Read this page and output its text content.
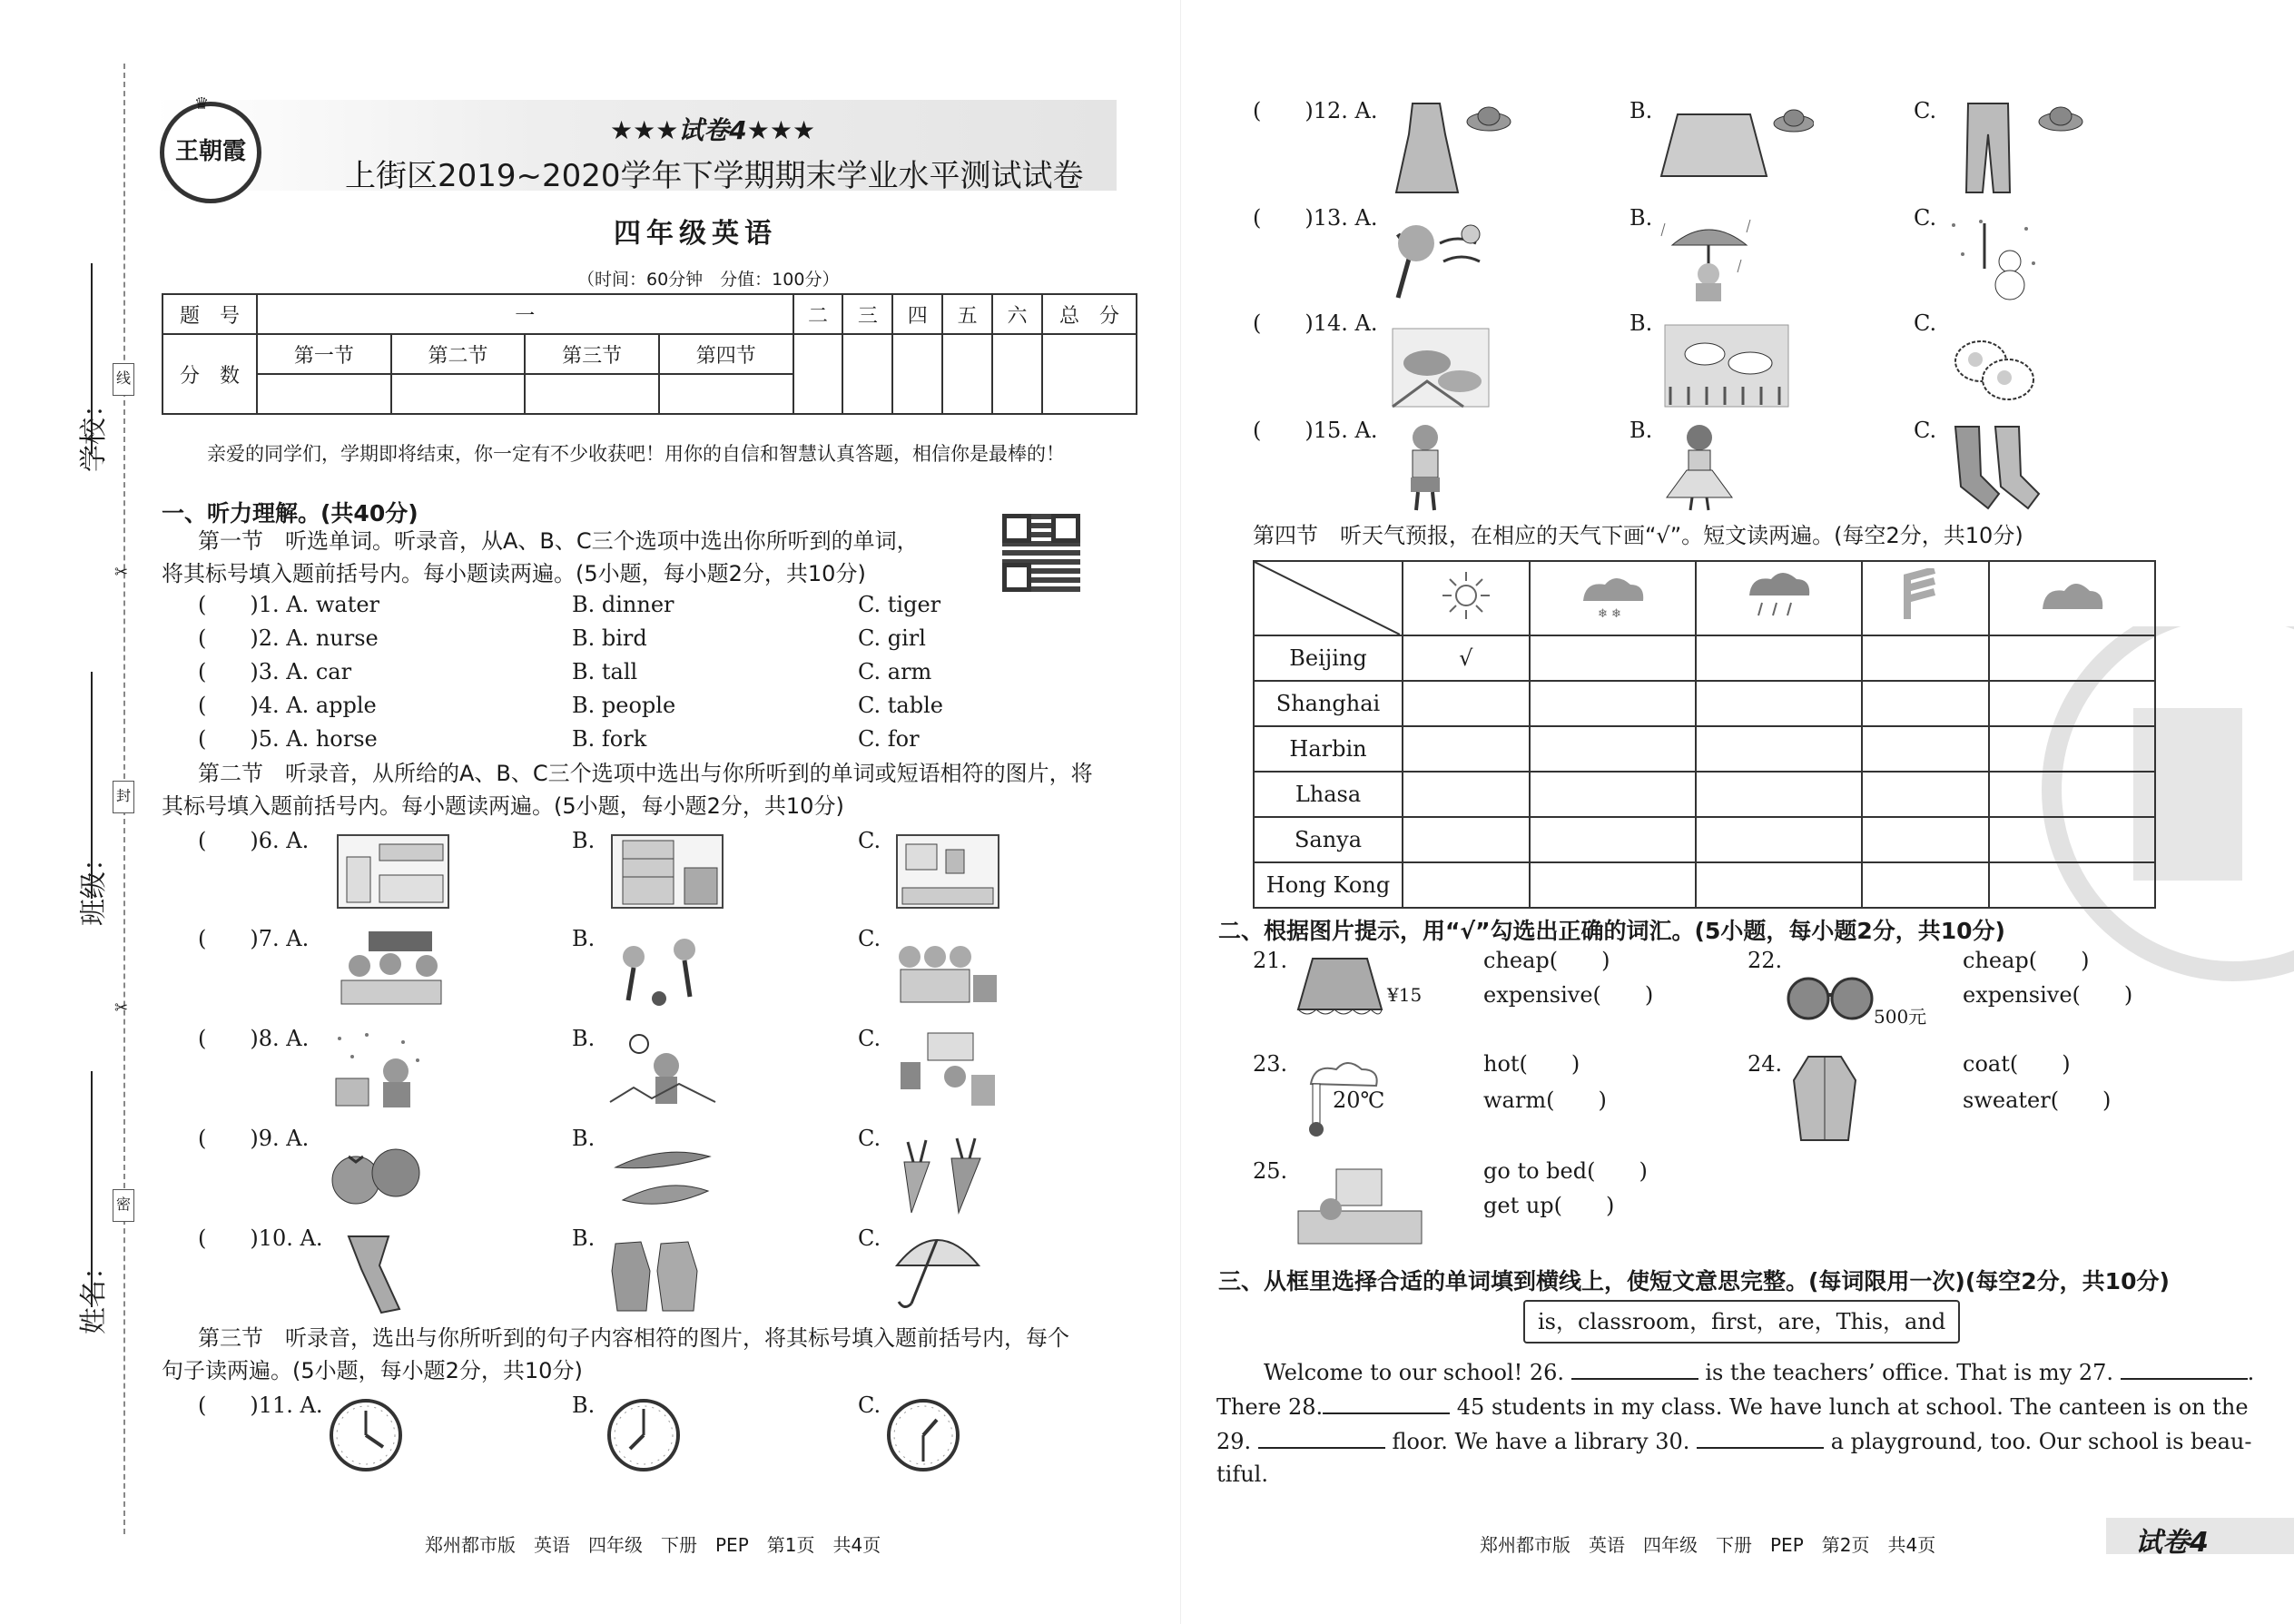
线
封
密
✂
✂
学校：
班级：
姓名：
王朝霞
♛
★★★试卷4★★★
上街区2019~2020学年下学期期末学业水平测试试卷
四年级英语
（时间：60分钟　分值：100分）
题　号	一				二	三	四	五	六	总　分
分　数	第一节	第二节	第三节	第四节						

亲爱的同学们，学期即将结束，你一定有不少收获吧！用你的自信和智慧认真答题，相信你是最棒的！
一、听力理解。(共40分)
第一节　听选单词。听录音，从A、B、C三个选项中选出你所听到的单词，
将其标号填入题前括号内。每小题读两遍。(5小题，每小题2分，共10分)
(　　)1. A. water	B. dinner	C. tiger
(　　)2. A. nurse	B. bird	C. girl
(　　)3. A. car	B. tall	C. arm
(　　)4. A. apple	B. people	C. table
(　　)5. A. horse	B. fork	C. for
第二节　听录音，从所给的A、B、C三个选项中选出与你所听到的单词或短语相符的图片，将
其标号填入题前括号内。每小题读两遍。(5小题，每小题2分，共10分)
(　　)6. A.	B.	C.
(　　)7. A.	B.	C.
(　　)8. A.	B.	C.
(　　)9. A.	B.	C.
(　　)10. A.	B.	C.
第三节　听录音，选出与你所听到的句子内容相符的图片，将其标号填入题前括号内，每个
句子读两遍。(5小题，每小题2分，共10分)
(　　)11. A.	B.	C.
郑州都市版　英语　四年级　下册　PEP　第1页　共4页
(　　)12. A.	B.	C.
(　　)13. A.	B.	C.
(　　)14. A.	B.	C.
(　　)15. A.	B.	C.
第四节　听天气预报，在相应的天气下画“√”。短文读两遍。(每空2分，共10分)

❄ ❄

Beijing	√				
Shanghai					
Harbin					
Lhasa					
Sanya					
Hong Kong					
二、根据图片提示，用“√”勾选出正确的词汇。(5小题，每小题2分，共10分)
21.
¥15
cheap(　　)
expensive(　　)
22.
500元
cheap(　　)
expensive(　　)
23.
20℃
hot(　　)
warm(　　)
24.	coat(　　)
sweater(　　)
25.	go to bed(　　)
get up(　　)
三、从框里选择合适的单词填到横线上，使短文意思完整。(每词限用一次)(每空2分，共10分)
is，classroom，first，are，This，and
Welcome to our school! 26.	is the teachers’ office. That is my 27.	.
There 28.	45 students in my class. We have lunch at school. The canteen is on the
29.	floor. We have a library 30.	a playground, too. Our school is beau-
tiful.
郑州都市版　英语　四年级　下册　PEP　第2页　共4页	试卷4
